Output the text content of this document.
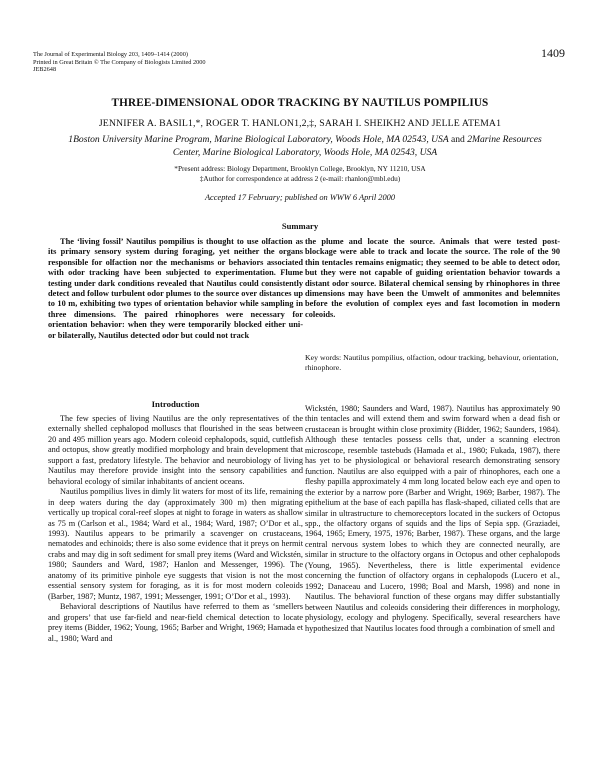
The Journal of Experimental Biology 203, 1409–1414 (2000)
Printed in Great Britain © The Company of Biologists Limited 2000
JEB2648
1409
THREE-DIMENSIONAL ODOR TRACKING BY NAUTILUS POMPILIUS
JENNIFER A. BASIL1,*, ROGER T. HANLON1,2,‡, SARAH I. SHEIKH2 AND JELLE ATEMA1
1Boston University Marine Program, Marine Biological Laboratory, Woods Hole, MA 02543, USA and 2Marine Resources Center, Marine Biological Laboratory, Woods Hole, MA 02543, USA
*Present address: Biology Department, Brooklyn College, Brooklyn, NY 11210, USA
‡Author for correspondence at address 2 (e-mail: rhanlon@mbl.edu)
Accepted 17 February; published on WWW 6 April 2000
Summary

The ‘living fossil’ Nautilus pompilius is thought to use olfaction as its primary sensory system during foraging, yet neither the organs responsible for olfaction nor the mechanisms or behaviors associated with odor tracking have been subjected to experimentation. Flume testing under dark conditions revealed that Nautilus could consistently detect and follow turbulent odor plumes to the source over distances up to 10 m, exhibiting two types of orientation behavior while sampling in three dimensions. The paired rhinophores were necessary for orientation behavior: when they were temporarily blocked either uni- or bilaterally, Nautilus detected odor but could not track

the plume and locate the source. Animals that were tested post-blockage were able to track and locate the source. The role of the 90 thin tentacles remains enigmatic; they seemed to be able to detect odor, but they were not capable of guiding orientation behavior towards a distant odor source. Bilateral chemical sensing by rhinophores in three dimensions may have been the Umwelt of ammonites and belemnites before the evolution of complex eyes and fast locomotion in modern coleoids.

Key words: Nautilus pompilius, olfaction, odour tracking, behaviour, orientation, rhinophore.
Introduction

The few species of living Nautilus are the only representatives of the externally shelled cephalopod molluscs that flourished in the seas between 20 and 495 million years ago. Modern coleoid cephalopods, squid, cuttlefish and octopus, show greatly modified morphology and brain development that support a fast, predatory lifestyle. The behavior and neurobiology of living Nautilus may therefore provide insight into the sensory capabilities and behavioral ecology of similar inhabitants of ancient oceans.

Nautilus pompilius lives in dimly lit waters for most of its life, remaining in deep waters during the day (approximately 300 m) then migrating vertically up tropical coral-reef slopes at night to forage in waters as shallow as 75 m (Carlson et al., 1984; Ward et al., 1984; Ward, 1987; O’Dor et al., 1993). Nautilus appears to be primarily a scavenger on crustaceans, nematodes and echinoids; there is also some evidence that it preys on hermit crabs and may dig in soft sediment for small prey items (Ward and Wickstén, 1980; Saunders and Ward, 1987; Hanlon and Messenger, 1996). The anatomy of its primitive pinhole eye suggests that vision is not the most essential sensory system for foraging, as it is for most modern coleoids (Barber, 1987; Muntz, 1987, 1991; Messenger, 1991; O’Dor et al., 1993).

Behavioral descriptions of Nautilus have referred to them as ‘smellers and gropers’ that use far-field and near-field chemical detection to locate prey items (Bidder, 1962; Young, 1965; Barber and Wright, 1969; Hamada et al., 1980; Ward and

Wickstén, 1980; Saunders and Ward, 1987). Nautilus has approximately 90 thin tentacles and will extend them and swim forward when a dead fish or crustacean is brought within close proximity (Bidder, 1962; Saunders, 1984). Although these tentacles possess cells that, under a scanning electron microscope, resemble tastebuds (Hamada et al., 1980; Fukada, 1987), there has yet to be physiological or behavioral research demonstrating sensory function. Nautilus are also equipped with a pair of rhinophores, each one a fleshy papilla approximately 4 mm long located below each eye and open to the exterior by a narrow pore (Barber and Wright, 1969; Barber, 1987). The epithelium at the base of each papilla has flask-shaped, ciliated cells that are similar in ultrastructure to chemoreceptors located in the suckers of Octopus spp., the olfactory organs of squids and the lips of Sepia spp. (Graziadei, 1964, 1965; Emery, 1975, 1976; Barber, 1987). These organs, and the large central nervous system lobes to which they are connected neurally, are similar in structure to the olfactory organs in Octopus and other cephalopods (Young, 1965). Nevertheless, there is little experimental evidence concerning the function of olfactory organs in cephalopods (Lucero et al., 1992; Danaceau and Lucero, 1998; Boal and Marsh, 1998) and none in Nautilus. The behavioral function of these organs may differ substantially between Nautilus and coleoids considering their differences in morphology, physiology, ecology and phylogeny. Specifically, several researchers have hypothesized that Nautilus locates food through a combination of smell and
